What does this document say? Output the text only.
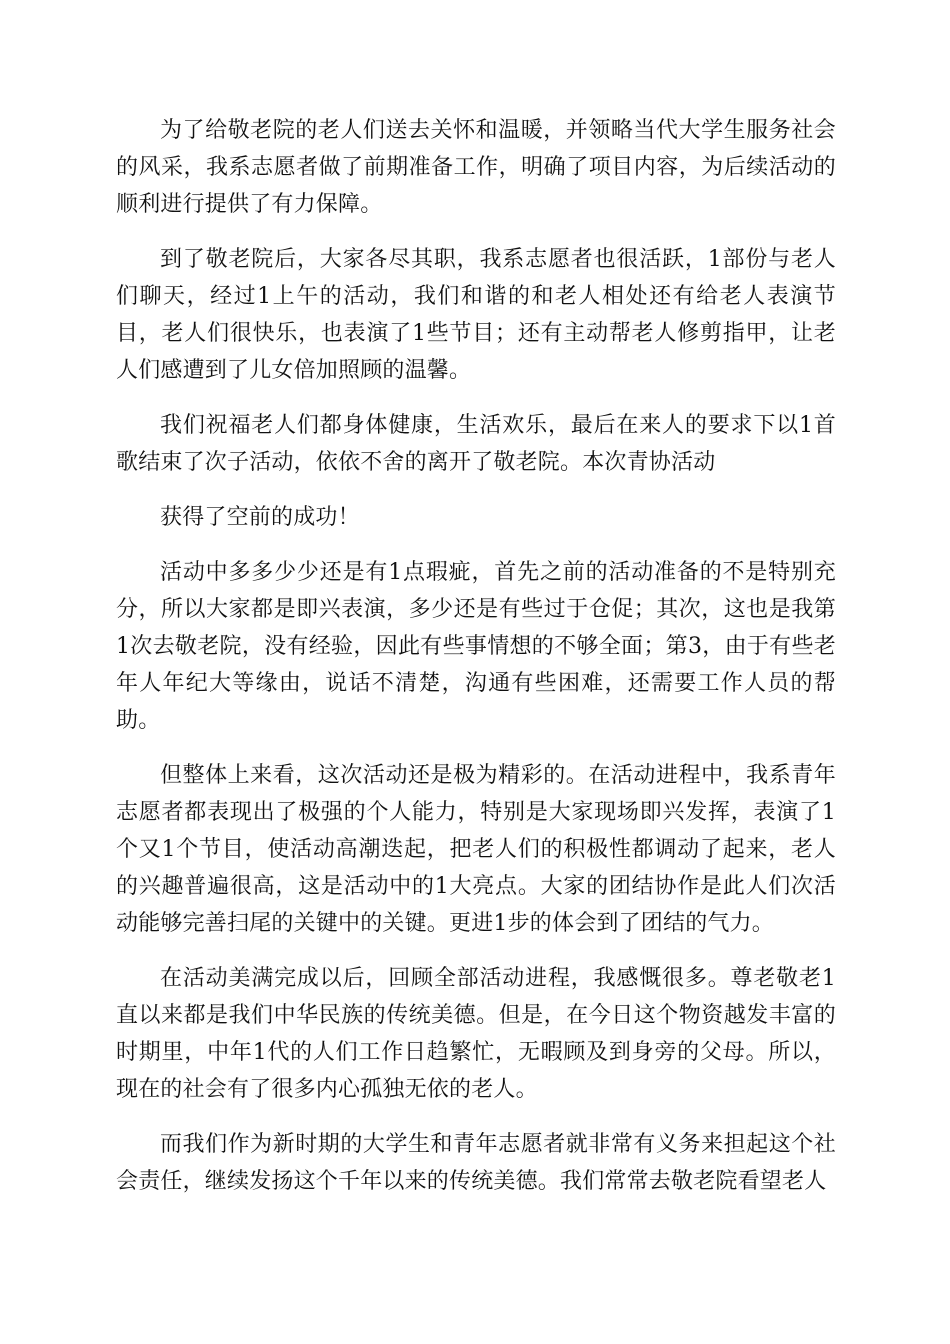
为了给敬老院的老人们送去关怀和温暖，并领略当代大学生服务社会的风采，我系志愿者做了前期准备工作，明确了项目内容，为后续活动的顺利进行提供了有力保障。

到了敬老院后，大家各尽其职，我系志愿者也很活跃，1部份与老人们聊天，经过1上午的活动，我们和谐的和老人相处还有给老人表演节目，老人们很快乐，也表演了1些节目；还有主动帮老人修剪指甲，让老人们感遭到了儿女倍加照顾的温馨。

我们祝福老人们都身体健康，生活欢乐，最后在来人的要求下以1首歌结束了次子活动，依依不舍的离开了敬老院。本次青协活动

获得了空前的成功！

活动中多多少少还是有1点瑕疵，首先之前的活动准备的不是特别充分，所以大家都是即兴表演，多少还是有些过于仓促；其次，这也是我第1次去敬老院，没有经验，因此有些事情想的不够全面；第3，由于有些老年人年纪大等缘由，说话不清楚，沟通有些困难，还需要工作人员的帮助。

但整体上来看，这次活动还是极为精彩的。在活动进程中，我系青年志愿者都表现出了极强的个人能力，特别是大家现场即兴发挥，表演了1个又1个节目，使活动高潮迭起，把老人们的积极性都调动了起来，老人的兴趣普遍很高，这是活动中的1大亮点。大家的团结协作是此人们次活动能够完善扫尾的关键中的关键。更进1步的体会到了团结的气力。

在活动美满完成以后，回顾全部活动进程，我感慨很多。尊老敬老1直以来都是我们中华民族的传统美德。但是，在今日这个物资越发丰富的时期里，中年1代的人们工作日趋繁忙，无暇顾及到身旁的父母。所以，现在的社会有了很多内心孤独无依的老人。

而我们作为新时期的大学生和青年志愿者就非常有义务来担起这个社会责任，继续发扬这个千年以来的传统美德。我们常常去敬老院看望老人
